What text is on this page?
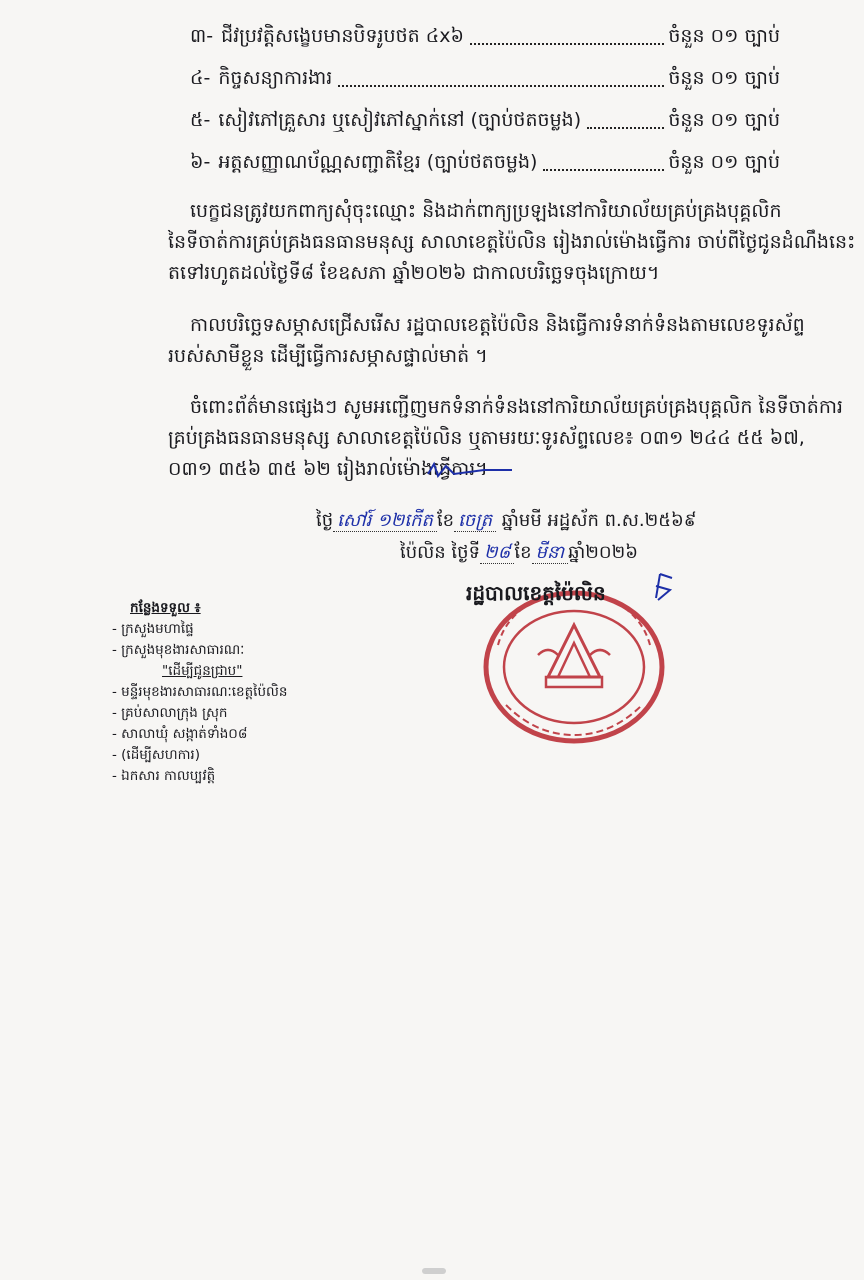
៣- ជីវប្រវត្តិសង្ខេបមានបិទរូបថត ៤x៦	ចំនួន ០១ ច្បាប់
៤- កិច្ចសន្យាការងារ	ចំនួន ០១ ច្បាប់
៥- សៀវភៅគ្រួសារ ឬសៀវភៅស្នាក់នៅ (ច្បាប់ថតចម្លង)	ចំនួន ០១ ច្បាប់
៦- អត្តសញ្ញាណប័ណ្ណសញ្ជាតិខ្មែរ (ច្បាប់ថតចម្លង)	ចំនួន ០១ ច្បាប់
បេក្ខជនត្រូវយកពាក្យសុំចុះឈ្មោះ និងដាក់ពាក្យប្រឡងនៅការិយាល័យគ្រប់គ្រងបុគ្គលិក
នៃទីចាត់ការគ្រប់គ្រងធនធានមនុស្ស សាលាខេត្តប៉ៃលិន រៀងរាល់ម៉ោងធ្វើការ ចាប់ពីថ្ងៃជូនដំណឹងនេះ
តទៅរហូតដល់ថ្ងៃទី៨ ខែឧសភា ឆ្នាំ២០២៦ ជាកាលបរិច្ឆេទចុងក្រោយ។
កាលបរិច្ឆេទសម្ភាសជ្រើសរើស រដ្ឋបាលខេត្តប៉ៃលិន និងធ្វើការទំនាក់ទំនងតាមលេខទូរស័ព្ទ
របស់សាមីខ្លួន ដើម្បីធ្វើការសម្ភាសផ្ទាល់មាត់ ។
ចំពោះព័ត៌មានផ្សេងៗ សូមអញ្ជើញមកទំនាក់ទំនងនៅការិយាល័យគ្រប់គ្រងបុគ្គលិក នៃទីចាត់ការ
គ្រប់គ្រងធនធានមនុស្ស សាលាខេត្តប៉ៃលិន ឬតាមរយៈទូរស័ព្ទលេខ៖ ០៣១ ២៤៤ ៥៥ ៦៧,
០៣១ ៣៥៦ ៣៥ ៦២ រៀងរាល់ម៉ោងធ្វើការ។
ថ្ងៃ សៅរ៍ ១២កើត ខែ ចេត្រ ឆ្នាំមមី អដ្ឋស័ក ព.ស.២៥៦៩
ប៉ៃលិន ថ្ងៃទី ២៨ ខែ មីនា ឆ្នាំ២០២៦
រដ្ឋបាលខេត្តប៉ៃលិន
កន្លែងទទួល ៖
- ក្រសួងមហាផ្ទៃ
- ក្រសួងមុខងារសាធារណៈ
"ដើម្បីជូនជ្រាប"
- មន្ទីរមុខងារសាធារណៈខេត្តប៉ៃលិន
- គ្រប់សាលាក្រុង ស្រុក
- សាលាឃុំ សង្កាត់ទាំង០៨
- (ដើម្បីសហការ)
- ឯកសារ កាលប្បវត្តិ
